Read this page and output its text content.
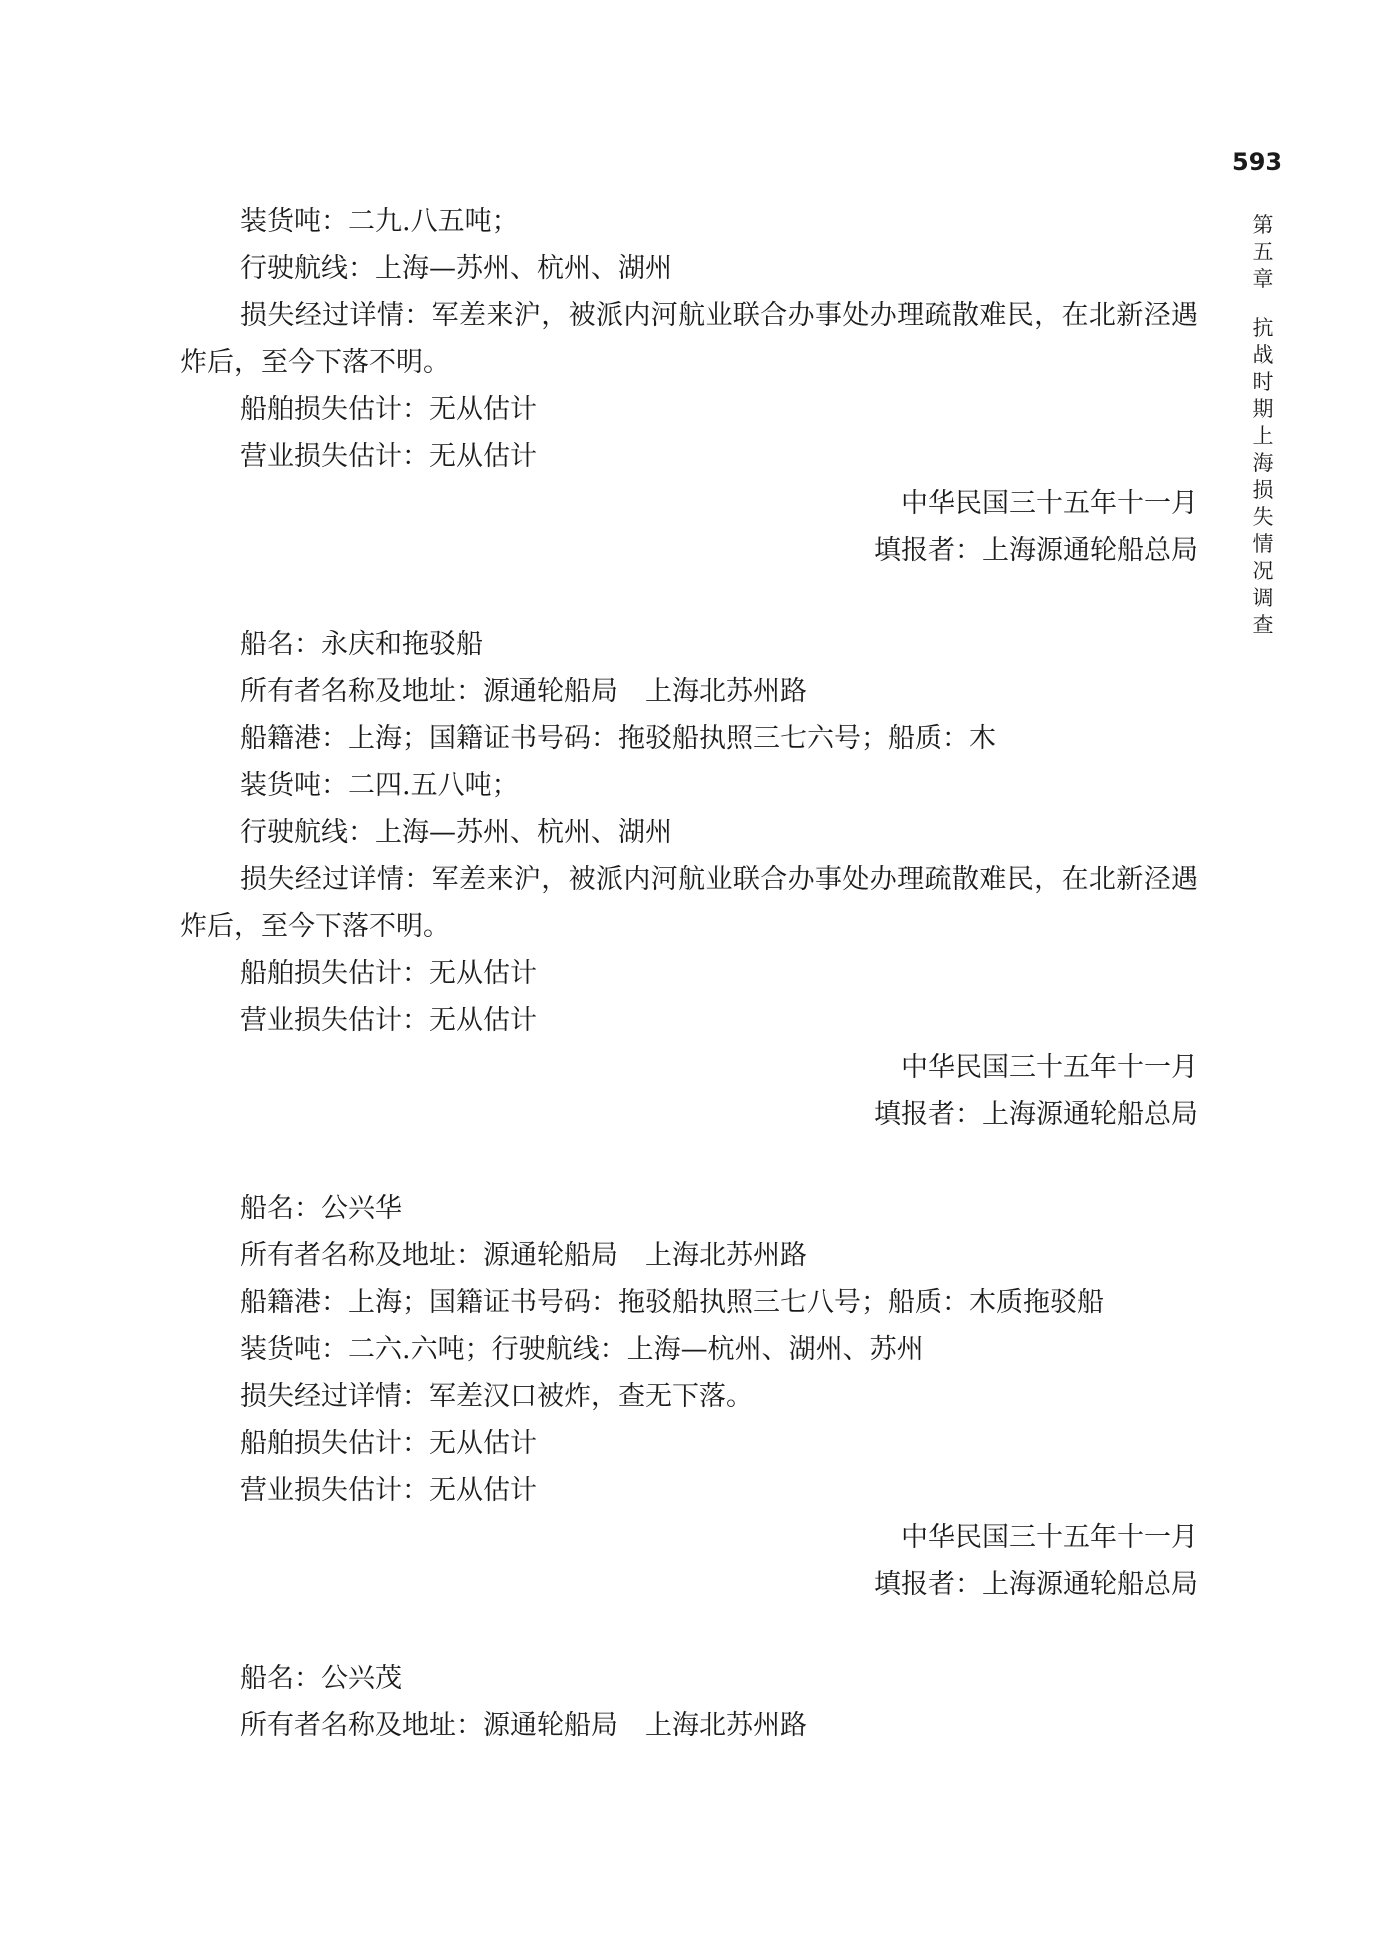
593
第五章
抗战时期上海损失情况调查

装货吨：二九.八五吨；

行驶航线：上海—苏州、杭州、湖州

损失经过详情：军差来沪，被派内河航业联合办事处办理疏散难民，在北新泾遇炸后，至今下落不明。

船舶损失估计：无从估计

营业损失估计：无从估计

中华民国三十五年十一月

填报者：上海源通轮船总局

船名：永庆和拖驳船

所有者名称及地址：源通轮船局　上海北苏州路

船籍港：上海；国籍证书号码：拖驳船执照三七六号；船质：木

装货吨：二四.五八吨；

行驶航线：上海—苏州、杭州、湖州

损失经过详情：军差来沪，被派内河航业联合办事处办理疏散难民，在北新泾遇炸后，至今下落不明。

船舶损失估计：无从估计

营业损失估计：无从估计

中华民国三十五年十一月

填报者：上海源通轮船总局

船名：公兴华

所有者名称及地址：源通轮船局　上海北苏州路

船籍港：上海；国籍证书号码：拖驳船执照三七八号；船质：木质拖驳船

装货吨：二六.六吨；行驶航线：上海—杭州、湖州、苏州

损失经过详情：军差汉口被炸，查无下落。

船舶损失估计：无从估计

营业损失估计：无从估计

中华民国三十五年十一月

填报者：上海源通轮船总局

船名：公兴茂

所有者名称及地址：源通轮船局　上海北苏州路
